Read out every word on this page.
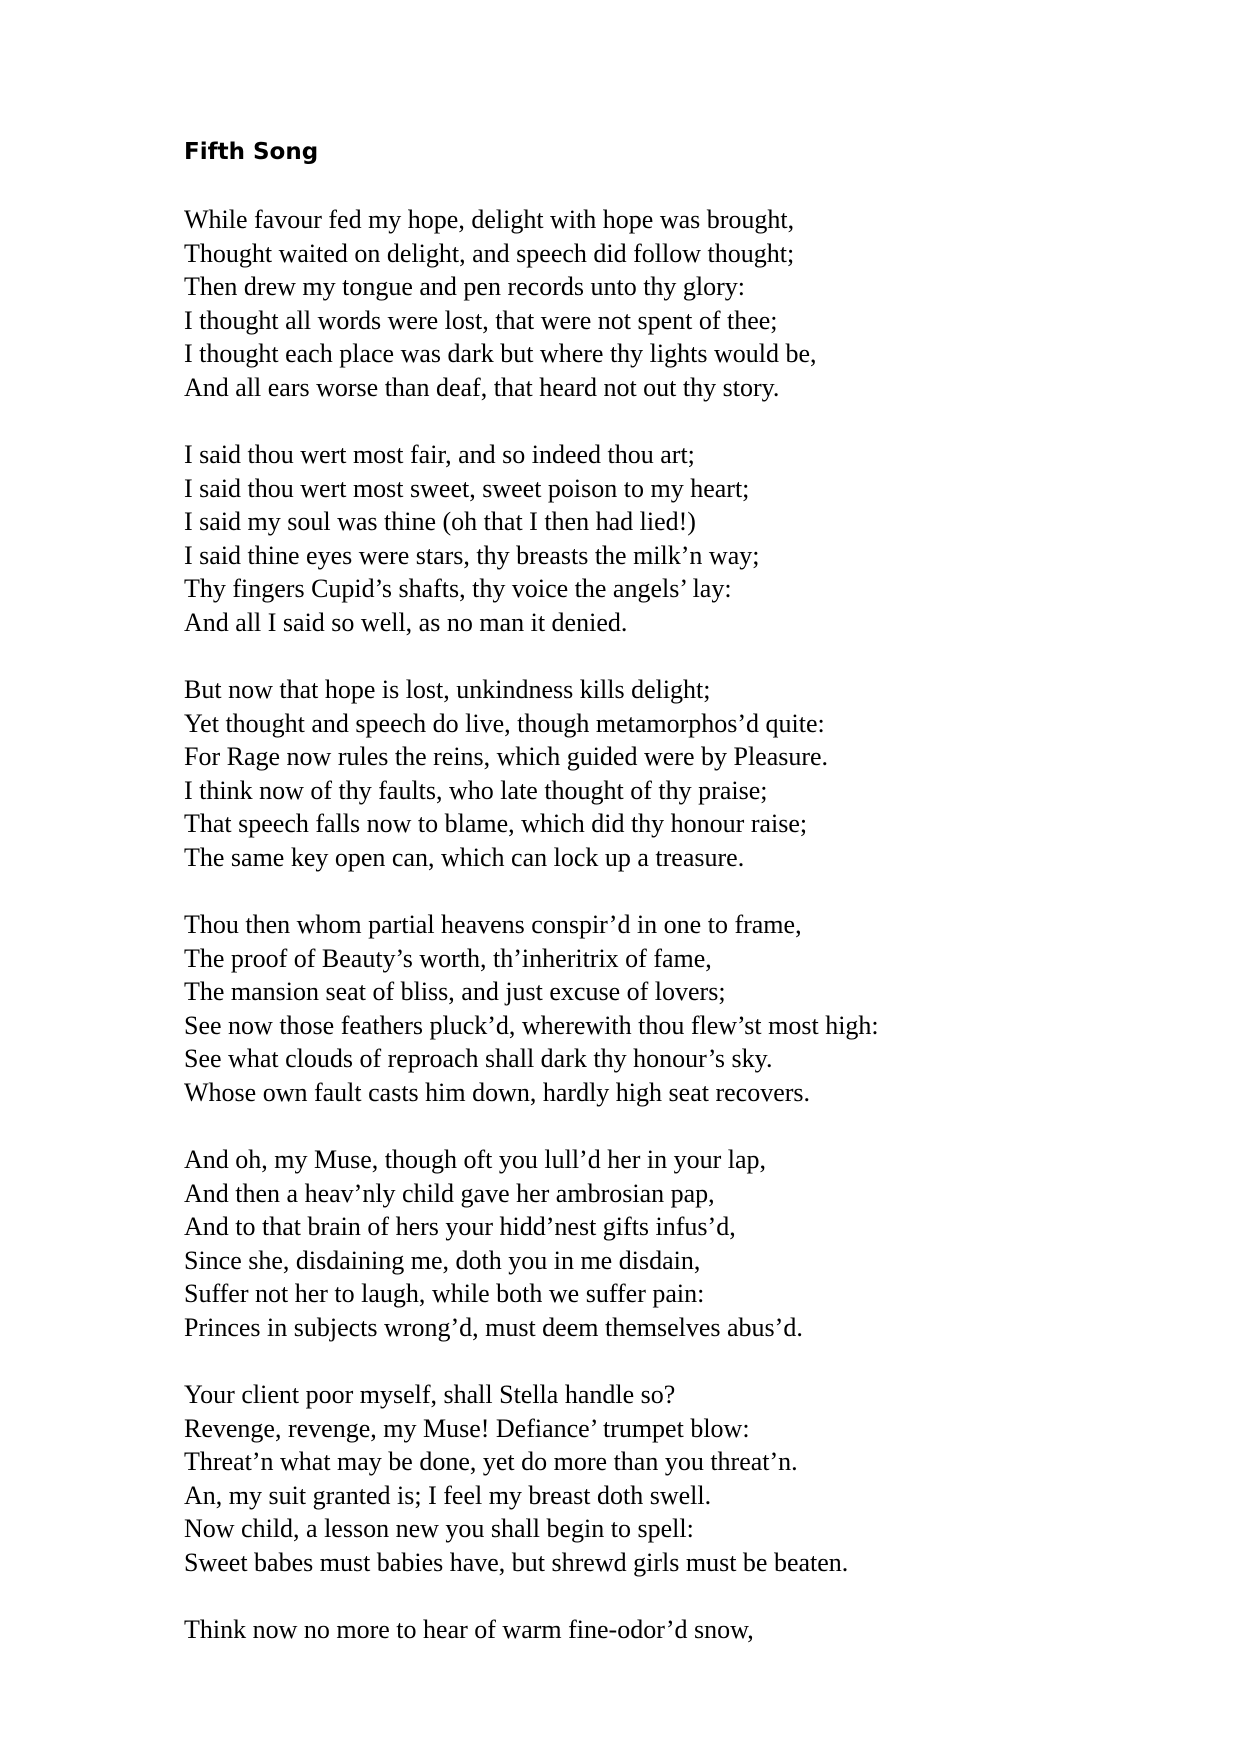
Fifth Song
While favour fed my hope, delight with hope was brought,
Thought waited on delight, and speech did follow thought;
Then drew my tongue and pen records unto thy glory:
I thought all words were lost, that were not spent of thee;
I thought each place was dark but where thy lights would be,
And all ears worse than deaf, that heard not out thy story.
I said thou wert most fair, and so indeed thou art;
I said thou wert most sweet, sweet poison to my heart;
I said my soul was thine (oh that I then had lied!)
I said thine eyes were stars, thy breasts the milk’n way;
Thy fingers Cupid’s shafts, thy voice the angels’ lay:
And all I said so well, as no man it denied.
But now that hope is lost, unkindness kills delight;
Yet thought and speech do live, though metamorphos’d quite:
For Rage now rules the reins, which guided were by Pleasure.
I think now of thy faults, who late thought of thy praise;
That speech falls now to blame, which did thy honour raise;
The same key open can, which can lock up a treasure.
Thou then whom partial heavens conspir’d in one to frame,
The proof of Beauty’s worth, th’inheritrix of fame,
The mansion seat of bliss, and just excuse of lovers;
See now those feathers pluck’d, wherewith thou flew’st most high:
See what clouds of reproach shall dark thy honour’s sky.
Whose own fault casts him down, hardly high seat recovers.
And oh, my Muse, though oft you lull’d her in your lap,
And then a heav’nly child gave her ambrosian pap,
And to that brain of hers your hidd’nest gifts infus’d,
Since she, disdaining me, doth you in me disdain,
Suffer not her to laugh, while both we suffer pain:
Princes in subjects wrong’d, must deem themselves abus’d.
Your client poor myself, shall Stella handle so?
Revenge, revenge, my Muse! Defiance’ trumpet blow:
Threat’n what may be done, yet do more than you threat’n.
An, my suit granted is; I feel my breast doth swell.
Now child, a lesson new you shall begin to spell:
Sweet babes must babies have, but shrewd girls must be beaten.
Think now no more to hear of warm fine-odor’d snow,
